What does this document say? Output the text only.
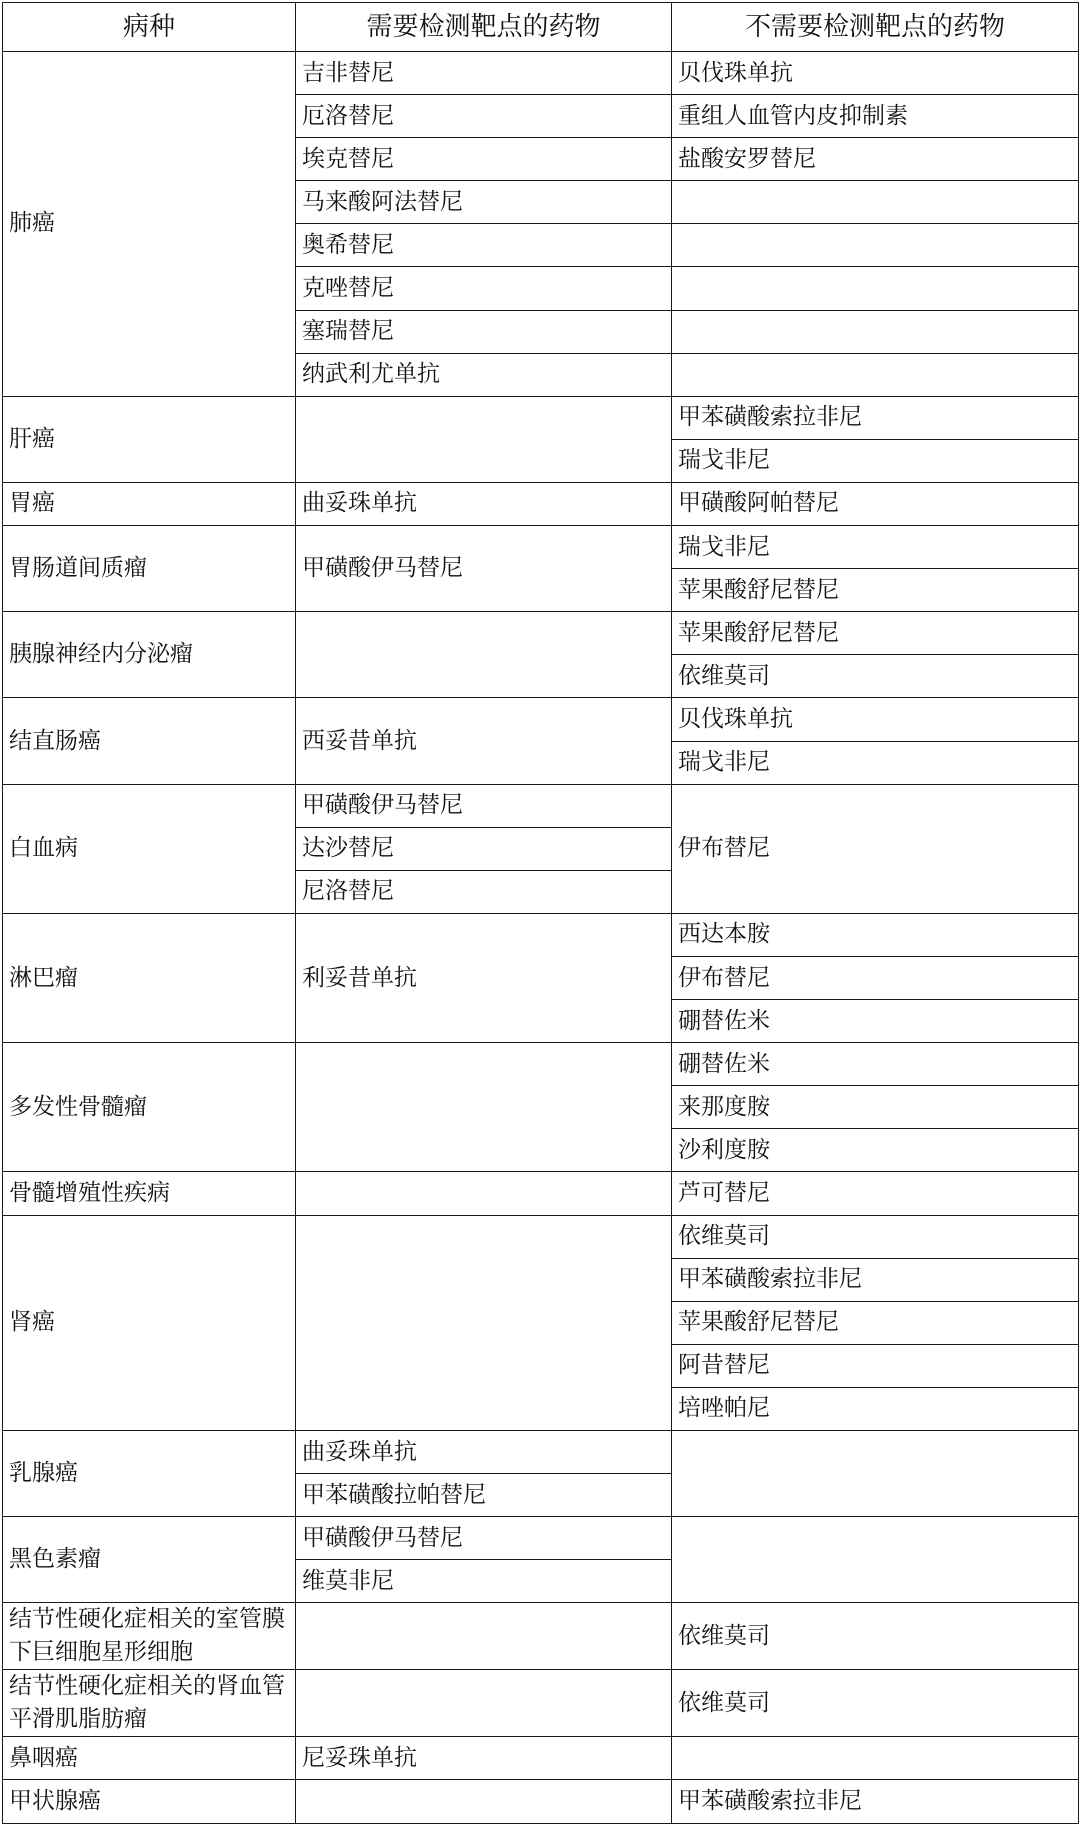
病种	需要检测靶点的药物	不需要检测靶点的药物
肺癌	吉非替尼	贝伐珠单抗
	厄洛替尼	重组人血管内皮抑制素
	埃克替尼	盐酸安罗替尼
	马来酸阿法替尼	
	奥希替尼	
	克唑替尼	
	塞瑞替尼	
	纳武利尤单抗	
肝癌		甲苯磺酸索拉非尼
		瑞戈非尼
胃癌	曲妥珠单抗	甲磺酸阿帕替尼
胃肠道间质瘤	甲磺酸伊马替尼	瑞戈非尼
		苹果酸舒尼替尼
胰腺神经内分泌瘤		苹果酸舒尼替尼
		依维莫司
结直肠癌	西妥昔单抗	贝伐珠单抗
		瑞戈非尼
白血病	甲磺酸伊马替尼	伊布替尼
	达沙替尼	
	尼洛替尼	
淋巴瘤	利妥昔单抗	西达本胺
		伊布替尼
		硼替佐米
多发性骨髓瘤		硼替佐米
		来那度胺
		沙利度胺
骨髓增殖性疾病		芦可替尼
肾癌		依维莫司
		甲苯磺酸索拉非尼
		苹果酸舒尼替尼
		阿昔替尼
		培唑帕尼
乳腺癌	曲妥珠单抗	
	甲苯磺酸拉帕替尼	
黑色素瘤	甲磺酸伊马替尼	
	维莫非尼	
结节性硬化症相关的室管膜下巨细胞星形细胞		依维莫司
结节性硬化症相关的肾血管平滑肌脂肪瘤		依维莫司
鼻咽癌	尼妥珠单抗	
甲状腺癌		甲苯磺酸索拉非尼
